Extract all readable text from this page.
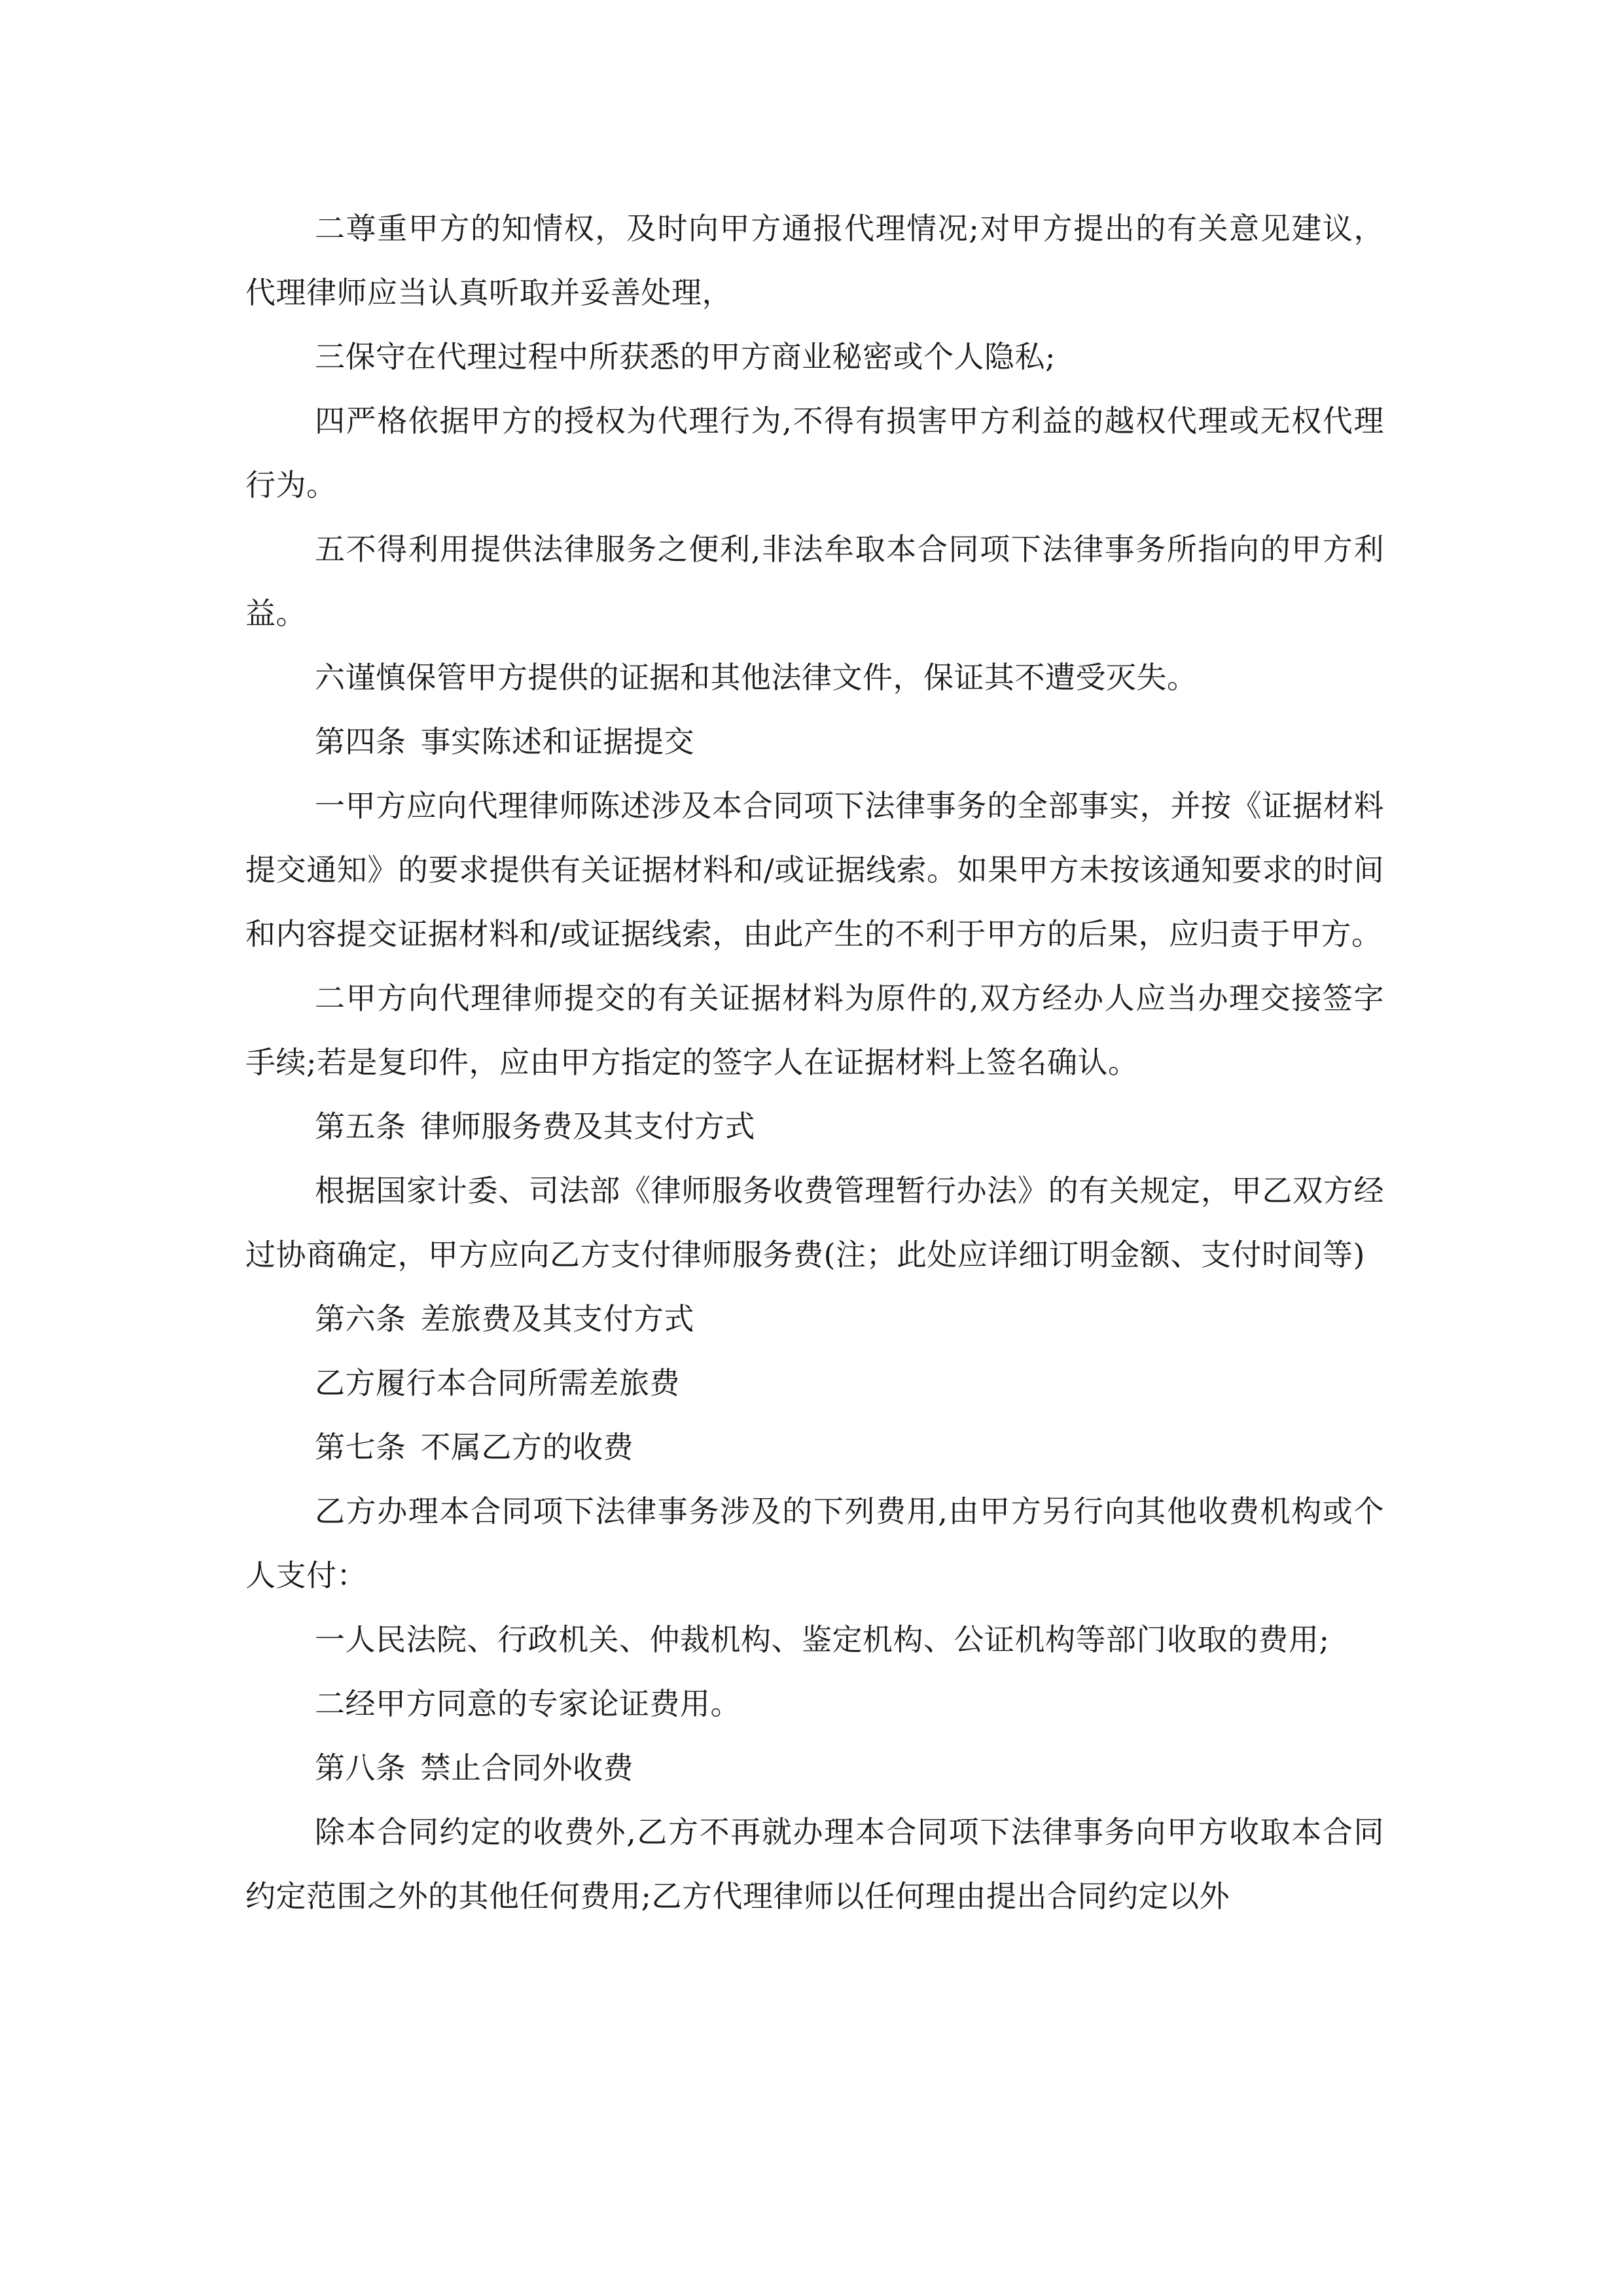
二尊重甲方的知情权，及时向甲方通报代理情况;对甲方提出的有关意见建议，代理律师应当认真听取并妥善处理，

三保守在代理过程中所获悉的甲方商业秘密或个人隐私;

四严格依据甲方的授权为代理行为,不得有损害甲方利益的越权代理或无权代理行为。

五不得利用提供法律服务之便利,非法牟取本合同项下法律事务所指向的甲方利益。

六谨慎保管甲方提供的证据和其他法律文件，保证其不遭受灭失。

第四条 事实陈述和证据提交

一甲方应向代理律师陈述涉及本合同项下法律事务的全部事实，并按《证据材料提交通知》的要求提供有关证据材料和/或证据线索。如果甲方未按该通知要求的时间和内容提交证据材料和/或证据线索，由此产生的不利于甲方的后果，应归责于甲方。

二甲方向代理律师提交的有关证据材料为原件的,双方经办人应当办理交接签字手续;若是复印件，应由甲方指定的签字人在证据材料上签名确认。

第五条 律师服务费及其支付方式

根据国家计委、司法部《律师服务收费管理暂行办法》的有关规定，甲乙双方经过协商确定，甲方应向乙方支付律师服务费(注；此处应详细订明金额、支付时间等)

第六条 差旅费及其支付方式

乙方履行本合同所需差旅费

第七条 不属乙方的收费

乙方办理本合同项下法律事务涉及的下列费用,由甲方另行向其他收费机构或个人支付：

一人民法院、行政机关、仲裁机构、鉴定机构、公证机构等部门收取的费用;

二经甲方同意的专家论证费用。

第八条 禁止合同外收费

除本合同约定的收费外,乙方不再就办理本合同项下法律事务向甲方收取本合同约定范围之外的其他任何费用;乙方代理律师以任何理由提出合同约定以外
